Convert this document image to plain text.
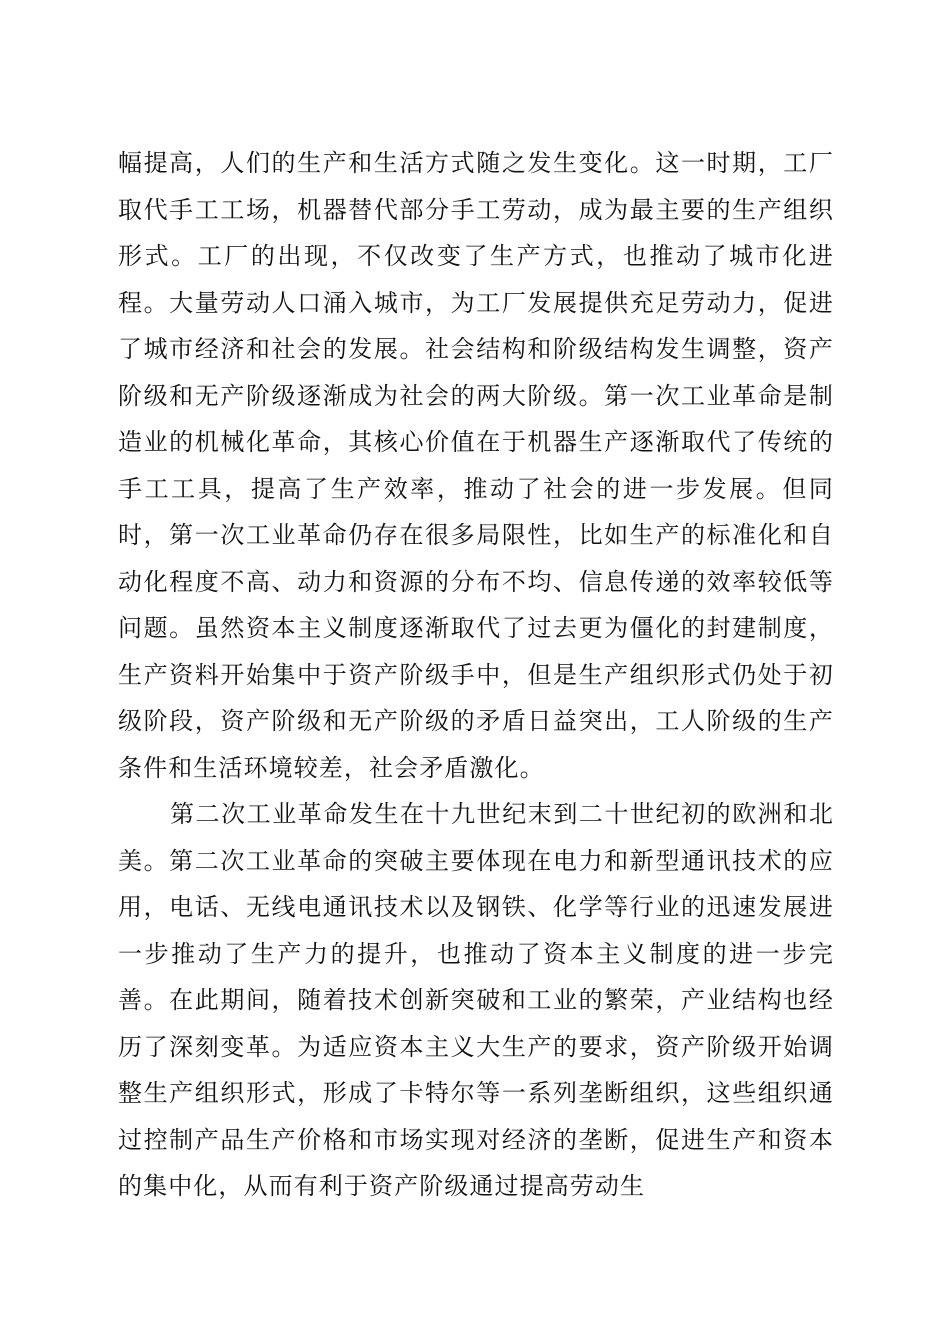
幅提高，人们的生产和生活方式随之发生变化。这一时期，工厂取代手工工场，机器替代部分手工劳动，成为最主要的生产组织形式。工厂的出现，不仅改变了生产方式，也推动了城市化进程。大量劳动人口涌入城市，为工厂发展提供充足劳动力，促进了城市经济和社会的发展。社会结构和阶级结构发生调整，资产阶级和无产阶级逐渐成为社会的两大阶级。第一次工业革命是制造业的机械化革命，其核心价值在于机器生产逐渐取代了传统的手工工具，提高了生产效率，推动了社会的进一步发展。但同时，第一次工业革命仍存在很多局限性，比如生产的标准化和自动化程度不高、动力和资源的分布不均、信息传递的效率较低等问题。虽然资本主义制度逐渐取代了过去更为僵化的封建制度，生产资料开始集中于资产阶级手中，但是生产组织形式仍处于初级阶段，资产阶级和无产阶级的矛盾日益突出，工人阶级的生产条件和生活环境较差，社会矛盾激化。

第二次工业革命发生在十九世纪末到二十世纪初的欧洲和北美。第二次工业革命的突破主要体现在电力和新型通讯技术的应用，电话、无线电通讯技术以及钢铁、化学等行业的迅速发展进一步推动了生产力的提升，也推动了资本主义制度的进一步完善。在此期间，随着技术创新突破和工业的繁荣，产业结构也经历了深刻变革。为适应资本主义大生产的要求，资产阶级开始调整生产组织形式，形成了卡特尔等一系列垄断组织，这些组织通过控制产品生产价格和市场实现对经济的垄断，促进生产和资本的集中化，从而有利于资产阶级通过提高劳动生
